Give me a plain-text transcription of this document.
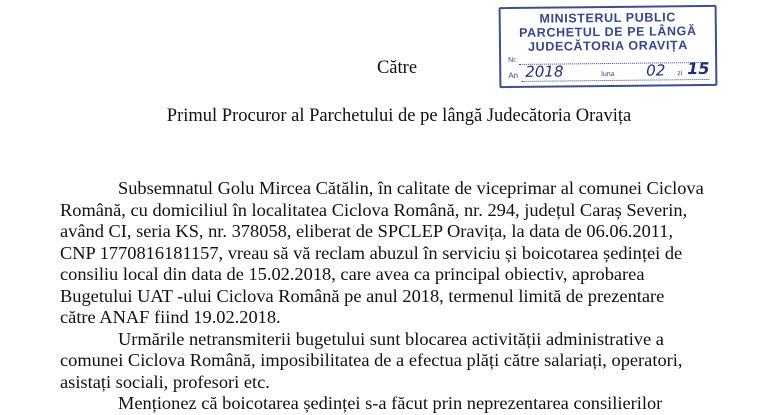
MINISTERUL PUBLIC
PARCHETUL DE PE LÂNGĂ
JUDECĂTORIA ORAVIȚA
Nr.
An	luna	zi
2018	02 15
Către
Primul Procuror al Parchetului de pe lângă Judecătoria Oravița
Subsemnatul Golu Mircea Cătălin, în calitate de viceprimar al comunei Ciclova
Română, cu domiciliul în localitatea Ciclova Română, nr. 294, județul Caraș Severin,
având CI, seria KS, nr. 378058, eliberat de SPCLEP Oravița, la data de 06.06.2011,
CNP 1770816181157, vreau să vă reclam abuzul în serviciu și boicotarea ședinței de
consiliu local din data de 15.02.2018, care avea ca principal obiectiv, aprobarea
Bugetului UAT -ului Ciclova Română pe anul 2018, termenul limită de prezentare
către ANAF fiind 19.02.2018.
Urmările netransmiterii bugetului sunt blocarea activității administrative a
comunei Ciclova Română, imposibilitatea de a efectua plăți către salariați, operatori,
asistați sociali, profesori etc.
Menționez că boicotarea ședinței s-a făcut prin neprezentarea consilierilor
